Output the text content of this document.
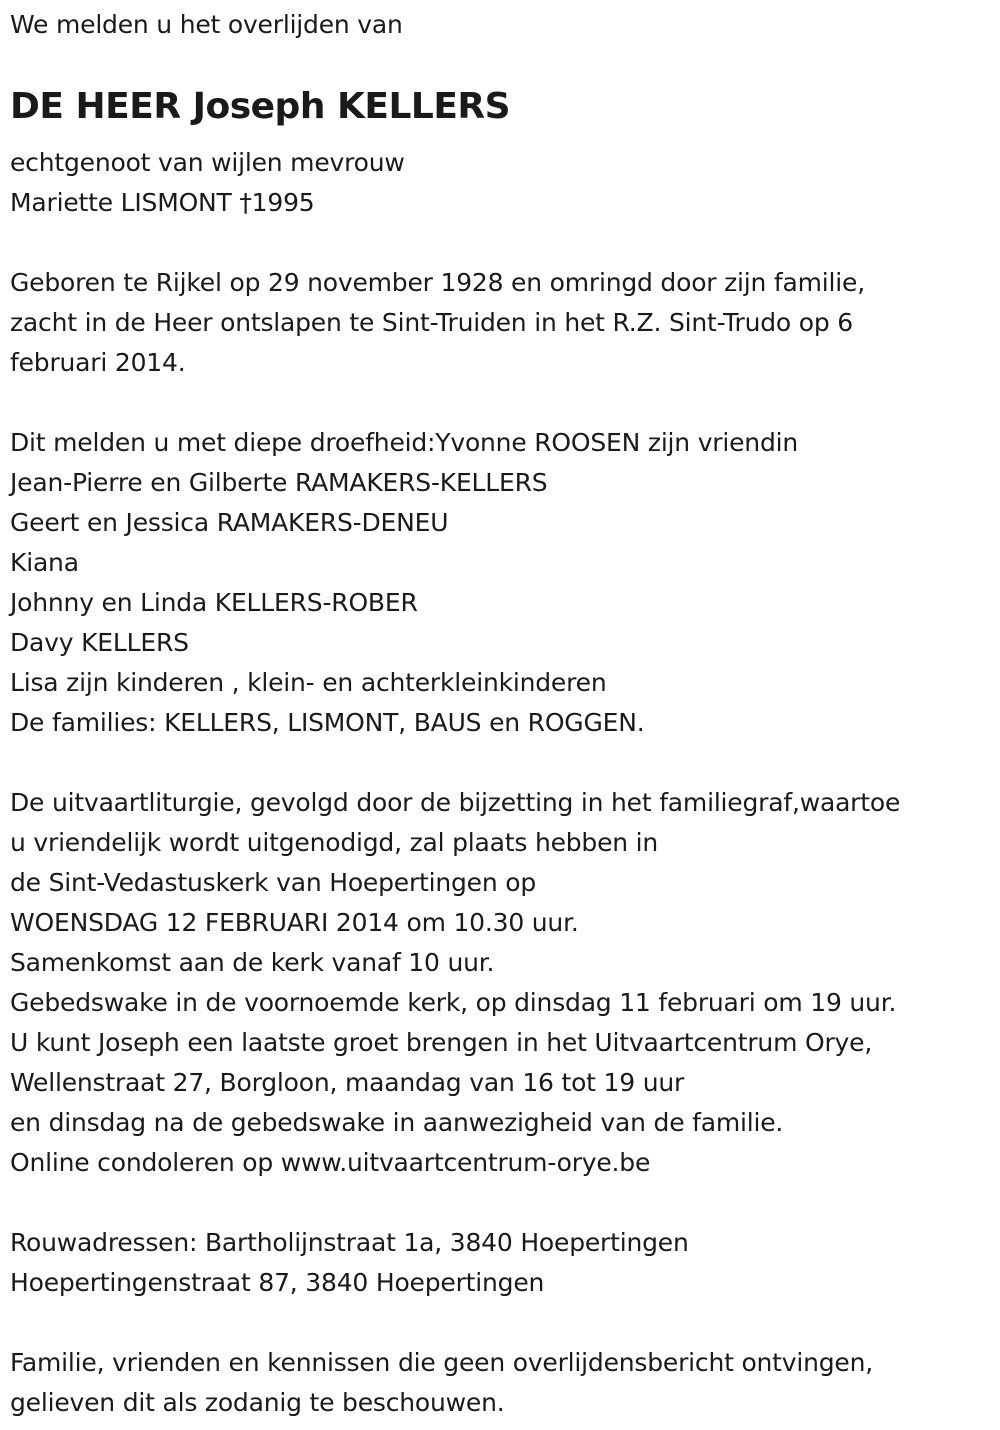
We melden u het overlijden van
DE HEER Joseph KELLERS
echtgenoot van wijlen mevrouw
Mariette LISMONT †1995
Geboren te Rijkel op 29 november 1928 en omringd door zijn familie,
zacht in de Heer ontslapen te Sint-Truiden in het R.Z. Sint-Trudo op 6
februari 2014.
Dit melden u met diepe droefheid:Yvonne ROOSEN zijn vriendin
Jean-Pierre en Gilberte RAMAKERS-KELLERS
Geert en Jessica RAMAKERS-DENEU
Kiana
Johnny en Linda KELLERS-ROBER
Davy KELLERS
Lisa zijn kinderen , klein- en achterkleinkinderen
De families: KELLERS, LISMONT, BAUS en ROGGEN.
De uitvaartliturgie, gevolgd door de bijzetting in het familiegraf,waartoe
u vriendelijk wordt uitgenodigd, zal plaats hebben in
de Sint-Vedastuskerk van Hoepertingen op
WOENSDAG 12 FEBRUARI 2014 om 10.30 uur.
Samenkomst aan de kerk vanaf 10 uur.
Gebedswake in de voornoemde kerk, op dinsdag 11 februari om 19 uur.
U kunt Joseph een laatste groet brengen in het Uitvaartcentrum Orye,
Wellenstraat 27, Borgloon, maandag van 16 tot 19 uur
en dinsdag na de gebedswake in aanwezigheid van de familie.
Online condoleren op www.uitvaartcentrum-orye.be
Rouwadressen: Bartholijnstraat 1a, 3840 Hoepertingen
Hoepertingenstraat 87, 3840 Hoepertingen
Familie, vrienden en kennissen die geen overlijdensbericht ontvingen,
gelieven dit als zodanig te beschouwen.
